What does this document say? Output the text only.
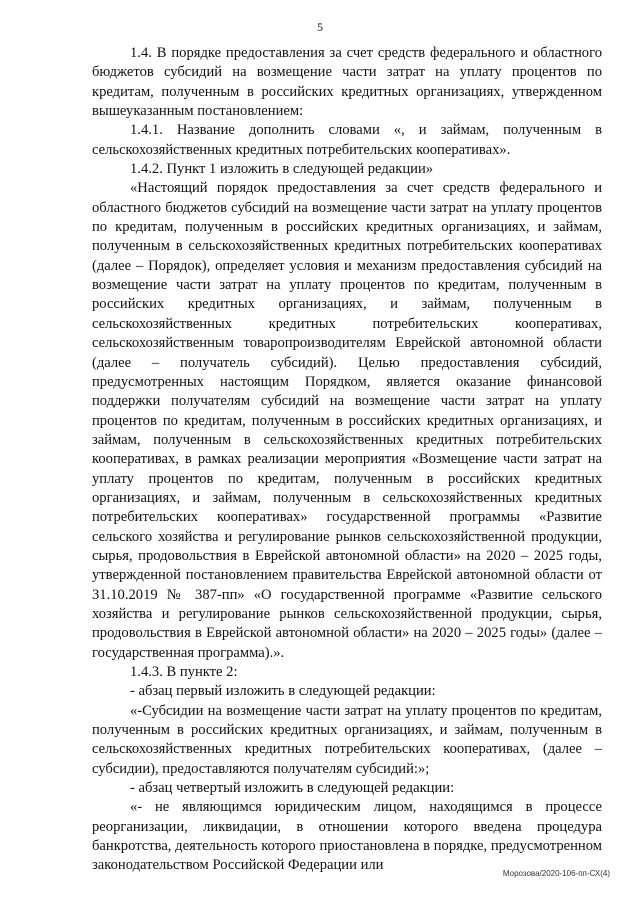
5

1.4. В порядке предоставления за счет средств федерального и областного бюджетов субсидий на возмещение части затрат на уплату процентов по кредитам, полученным в российских кредитных организациях, утвержденном вышеуказанным постановлением:

1.4.1. Название дополнить словами «, и займам, полученным в сельскохозяйственных кредитных потребительских кооперативах».

1.4.2. Пункт 1 изложить в следующей редакции»

«Настоящий порядок предоставления за счет средств федерального и областного бюджетов субсидий на возмещение части затрат на уплату процентов по кредитам, полученным в российских кредитных организациях, и займам, полученным в сельскохозяйственных кредитных потребительских кооперативах (далее – Порядок), определяет условия и механизм предоставления субсидий на возмещение части затрат на уплату процентов по кредитам, полученным в российских кредитных организациях, и займам, полученным в сельскохозяйственных кредитных потребительских кооперативах, сельскохозяйственным товаропроизводителям Еврейской автономной области (далее – получатель субсидий). Целью предоставления субсидий, предусмотренных настоящим Порядком, является оказание финансовой поддержки получателям субсидий на возмещение части затрат на уплату процентов по кредитам, полученным в российских кредитных организациях, и займам, полученным в сельскохозяйственных кредитных потребительских кооперативах, в рамках реализации мероприятия «Возмещение части затрат на уплату процентов по кредитам, полученным в российских кредитных организациях, и займам, полученным в сельскохозяйственных кредитных потребительских кооперативах» государственной программы «Развитие сельского хозяйства и регулирование рынков сельскохозяйственной продукции, сырья, продовольствия в Еврейской автономной области» на 2020 – 2025 годы, утвержденной постановлением правительства Еврейской автономной области от 31.10.2019 № 387-пп» «О государственной программе «Развитие сельского хозяйства и регулирование рынков сельскохозяйственной продукции, сырья, продовольствия в Еврейской автономной области» на 2020 – 2025 годы» (далее – государственная программа).».

1.4.3. В пункте 2:

- абзац первый изложить в следующей редакции:

«-Субсидии на возмещение части затрат на уплату процентов по кредитам, полученным в российских кредитных организациях, и займам, полученным в сельскохозяйственных кредитных потребительских кооперативах, (далее – субсидии), предоставляются получателям субсидий:»;

- абзац четвертый изложить в следующей редакции:

«- не являющимся юридическим лицом, находящимся в процессе реорганизации, ликвидации, в отношении которого введена процедура банкротства, деятельность которого приостановлена в порядке, предусмотренном законодательством Российской Федерации или

Морозова/2020-106-пп-СХ(4)
